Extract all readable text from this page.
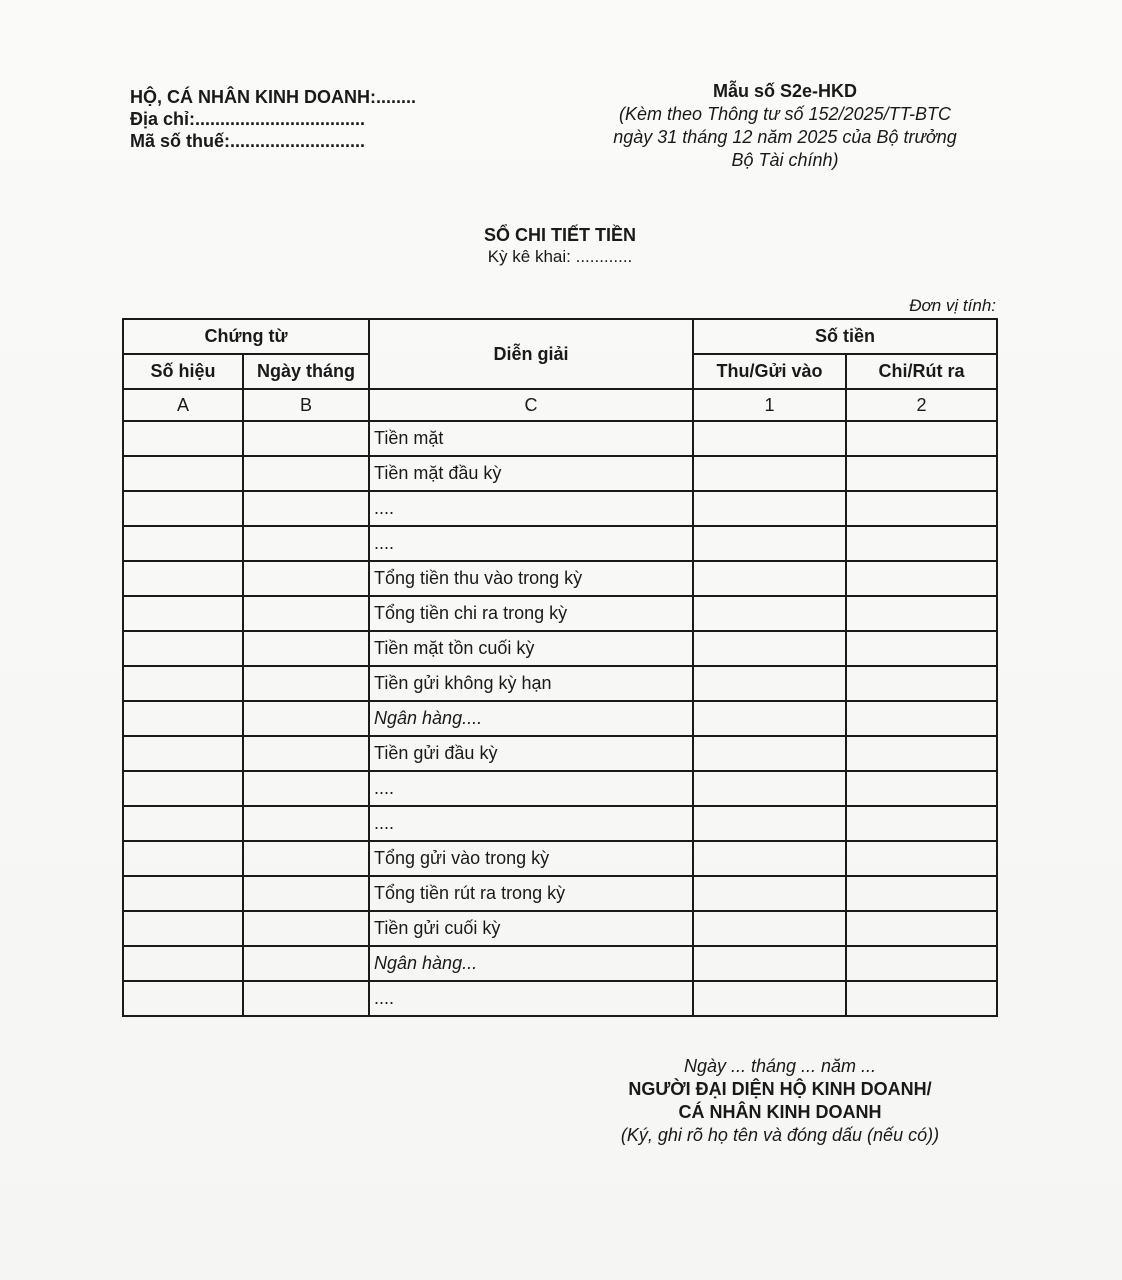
HỘ, CÁ NHÂN KINH DOANH:........
Địa chỉ:..................................
Mã số thuế:...........................
Mẫu số S2e-HKD
(Kèm theo Thông tư số 152/2025/TT-BTC
ngày 31 tháng 12 năm 2025 của Bộ trưởng
Bộ Tài chính)
SỔ CHI TIẾT TIỀN
Kỳ kê khai: ............
Đơn vị tính:
Chứng từ		Diễn giải	Số tiền	
Số hiệu	Ngày tháng		Thu/Gửi vào	Chi/Rút ra
A	B	C	1	2
		Tiền mặt		
		Tiền mặt đầu kỳ		
		....		
		....		
		Tổng tiền thu vào trong kỳ		
		Tổng tiền chi ra trong kỳ		
		Tiền mặt tồn cuối kỳ		
		Tiền gửi không kỳ hạn		
		Ngân hàng....		
		Tiền gửi đầu kỳ		
		....		
		....		
		Tổng gửi vào trong kỳ		
		Tổng tiền rút ra trong kỳ		
		Tiền gửi cuối kỳ		
		Ngân hàng...		
		....		
Ngày ... tháng ... năm ...
NGƯỜI ĐẠI DIỆN HỘ KINH DOANH/
CÁ NHÂN KINH DOANH
(Ký, ghi rõ họ tên và đóng dấu (nếu có))
